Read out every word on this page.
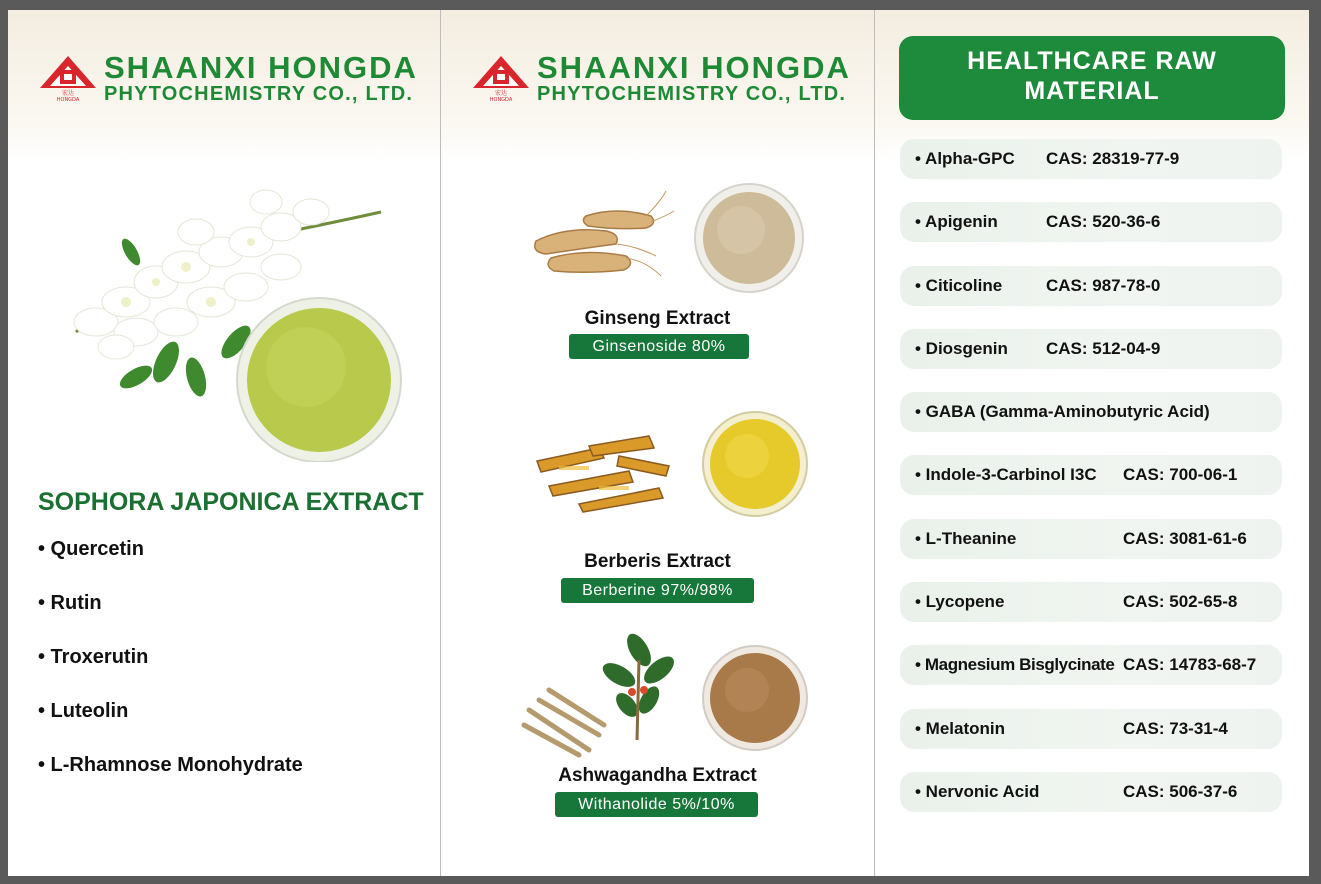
宏达
HONGDA
SHAANXI HONGDA
PHYTOCHEMISTRY CO., LTD.
SOPHORA JAPONICA EXTRACT
• Quercetin
• Rutin
• Troxerutin
• Luteolin
• L-Rhamnose Monohydrate
宏达
HONGDA
SHAANXI HONGDA
PHYTOCHEMISTRY CO., LTD.
Ginseng Extract
Ginsenoside 80%
Berberis Extract
Berberine 97%/98%
Ashwagandha Extract
Withanolide 5%/10%
HEALTHCARE RAW
MATERIAL
• Alpha-GPC CAS: 28319-77-9
• Apigenin	CAS: 520-36-6
• Citicoline	CAS: 987-78-0
• Diosgenin CAS: 512-04-9
• GABA (Gamma-Aminobutyric Acid)
• Indole-3-Carbinol I3C CAS: 700-06-1
• L-Theanine	CAS: 3081-61-6
• Lycopene	CAS: 502-65-8
• Magnesium Bisglycinate CAS: 14783-68-7
• Melatonin	CAS: 73-31-4
• Nervonic Acid	CAS: 506-37-6
